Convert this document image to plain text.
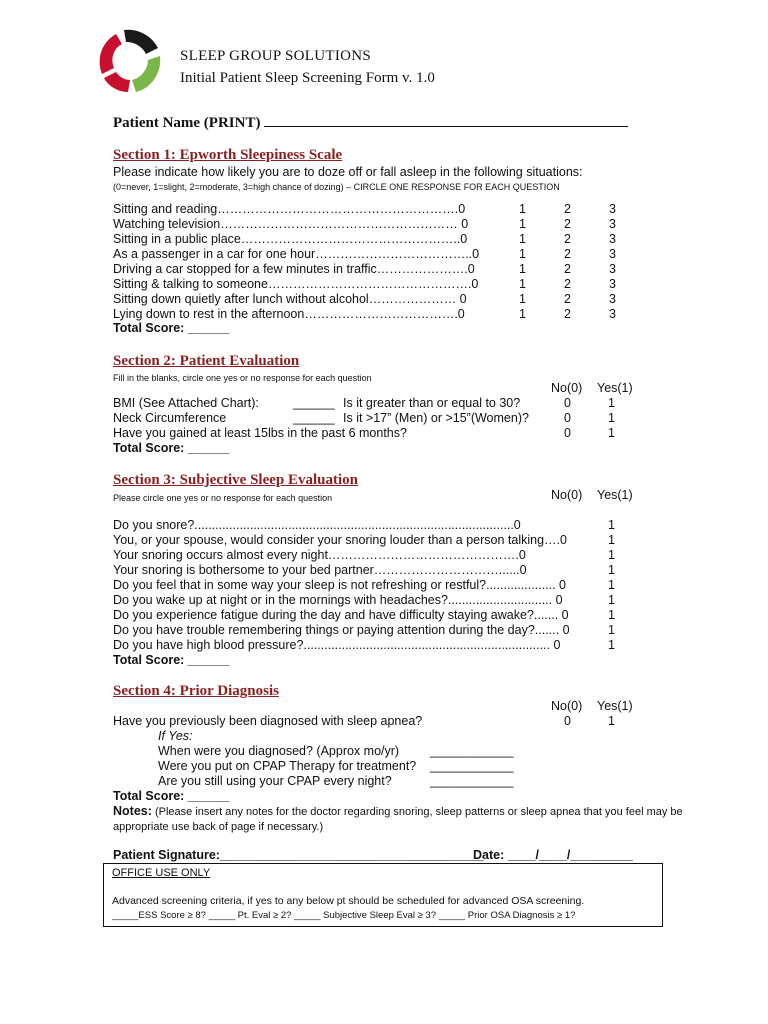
SLEEP GROUP SOLUTIONS
Initial Patient Sleep Screening Form v. 1.0
Patient Name (PRINT)
Section 1: Epworth Sleepiness Scale
Please indicate how likely you are to doze off or fall asleep in the following situations:
(0=never, 1=slight, 2=moderate, 3=high chance of dozing) – CIRCLE ONE RESPONSE FOR EACH QUESTION
Sitting and reading………………………………………………….0	1	2	3
Watching television………………………………………………… 0	1	2	3
Sitting in a public place……………………………………………..0	1	2	3
As a passenger in a car for one hour………………………………..0	1	2	3
Driving a car stopped for a few minutes in traffic………………….0	1	2	3
Sitting & talking to someone………………………………………….0	1	2	3
Sitting down quietly after lunch without alcohol………………… 0	1	2	3
Lying down to rest in the afternoon……………………………….0	1	2	3
Total Score: ______
Section 2: Patient Evaluation
Fill in the blanks, circle one yes or no response for each question
No(0) Yes(1)
BMI (See Attached Chart):	______ Is it greater than or equal to 30?	0	1
Neck Circumference	______ Is it >17” (Men) or >15”(Women)?	0	1
Have you gained at least 15lbs in the past 6 months?	0	1
Total Score: ______
Section 3: Subjective Sleep Evaluation
Please circle one yes or no response for each question	No(0) Yes(1)
Do you snore?............................................................................................0	1
You, or your spouse, would consider your snoring louder than a person talking….0	1
Your snoring occurs almost every night……………………………………….0	1
Your snoring is bothersome to your bed partner…………………………......0	1
Do you feel that in some way your sleep is not refreshing or restful?.................... 0	1
Do you wake up at night or in the mornings with headaches?.............................. 0	1
Do you experience fatigue during the day and have difficulty staying awake?....... 0	1
Do you have trouble remembering things or paying attention during the day?....... 0	1
Do you have high blood pressure?....................................................................... 0	1
Total Score: ______
Section 4: Prior Diagnosis
No(0) Yes(1)
Have you previously been diagnosed with sleep apnea?	0	1
If Yes:
When were you diagnosed? (Approx mo/yr) ____________
Were you put on CPAP Therapy for treatment? ____________
Are you still using your CPAP every night?	____________
Total Score: ______
Notes: (Please insert any notes for the doctor regarding snoring, sleep patterns or sleep apnea that you feel may be
appropriate use back of page if necessary.)
Patient Signature:______________________________________
Date: ____/____/_________
OFFICE USE ONLY
Advanced screening criteria, if yes to any below pt should be scheduled for advanced OSA screening.
_____ESS Score ≥ 8? _____ Pt. Eval ≥ 2? _____ Subjective Sleep Eval ≥ 3? _____ Prior OSA Diagnosis ≥ 1?
